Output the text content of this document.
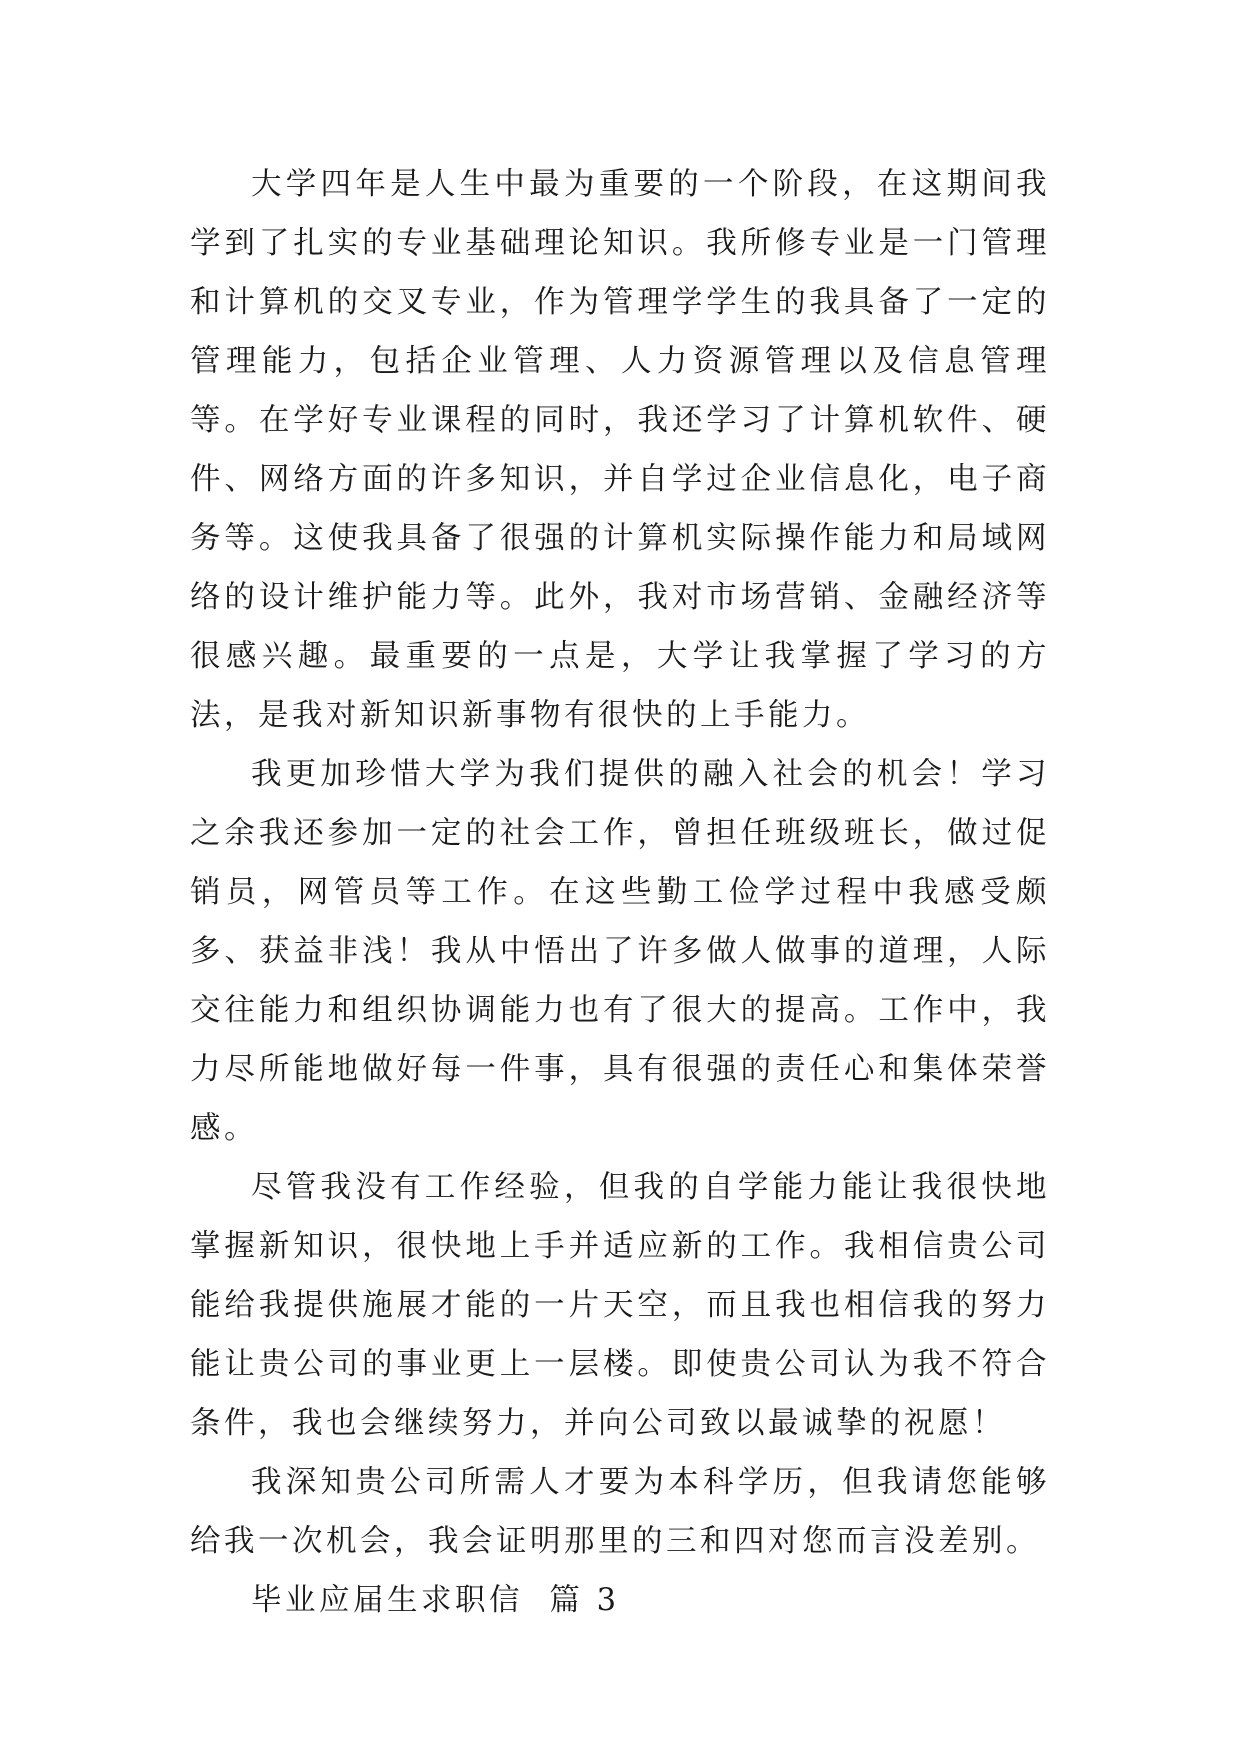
大学四年是人生中最为重要的一个阶段，在这期间我学到了扎实的专业基础理论知识。我所修专业是一门管理和计算机的交叉专业，作为管理学学生的我具备了一定的管理能力，包括企业管理、人力资源管理以及信息管理等。在学好专业课程的同时，我还学习了计算机软件、硬件、网络方面的许多知识，并自学过企业信息化，电子商务等。这使我具备了很强的计算机实际操作能力和局域网络的设计维护能力等。此外，我对市场营销、金融经济等很感兴趣。最重要的一点是，大学让我掌握了学习的方法，是我对新知识新事物有很快的上手能力。

我更加珍惜大学为我们提供的融入社会的机会！学习之余我还参加一定的社会工作，曾担任班级班长，做过促销员，网管员等工作。在这些勤工俭学过程中我感受颇多、获益非浅！我从中悟出了许多做人做事的道理，人际交往能力和组织协调能力也有了很大的提高。工作中，我力尽所能地做好每一件事，具有很强的责任心和集体荣誉感。

尽管我没有工作经验，但我的自学能力能让我很快地掌握新知识，很快地上手并适应新的工作。我相信贵公司能给我提供施展才能的一片天空，而且我也相信我的努力能让贵公司的事业更上一层楼。即使贵公司认为我不符合条件，我也会继续努力，并向公司致以最诚挚的祝愿！

我深知贵公司所需人才要为本科学历，但我请您能够给我一次机会，我会证明那里的三和四对您而言没差别。

毕业应届生求职信  篇 3
